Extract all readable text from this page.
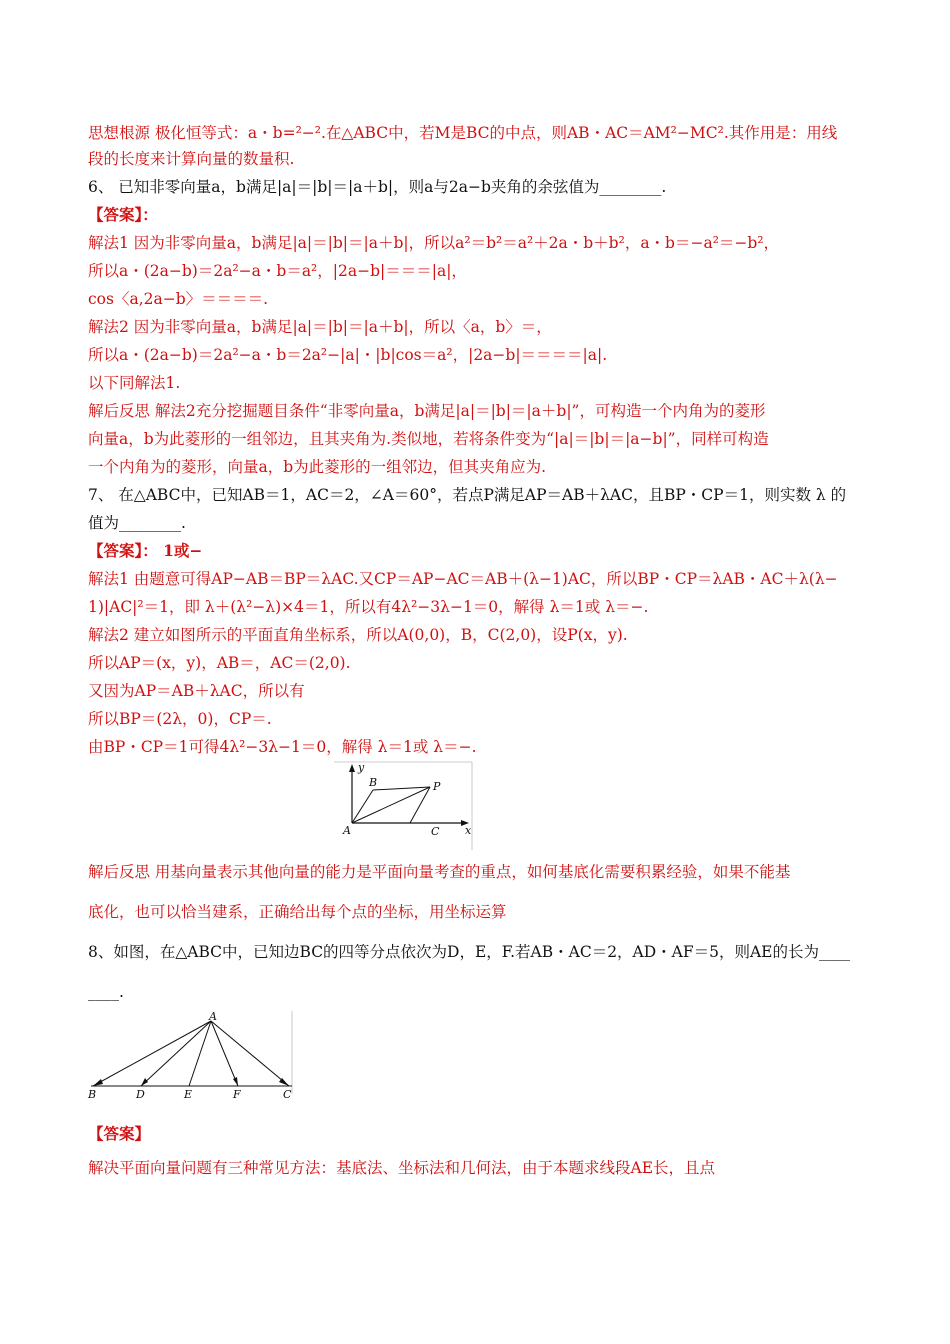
思想根源 极化恒等式：a・b=²−².在△ABC中，若M是BC的中点，则AB・AC＝AM²−MC².其作用是：用线
段的长度来计算向量的数量积.
6、 已知非零向量a，b满足|a|＝|b|＝|a＋b|，则a与2a−b夹角的余弦值为________.
【答案】：
解法1 因为非零向量a，b满足|a|＝|b|＝|a＋b|，所以a²＝b²＝a²＋2a・b＋b²，a・b＝−a²＝−b²，
所以a・(2a−b)＝2a²−a・b＝a²，|2a−b|＝＝＝|a|，
cos〈a,2a−b〉＝＝＝＝.
解法2 因为非零向量a，b满足|a|＝|b|＝|a＋b|，所以〈a，b〉＝，
所以a・(2a−b)＝2a²−a・b＝2a²−|a|・|b|cos＝a²，|2a−b|＝＝＝＝|a|.
以下同解法1.
解后反思 解法2充分挖掘题目条件“非零向量a，b满足|a|＝|b|＝|a＋b|”，可构造一个内角为的菱形
向量a，b为此菱形的一组邻边，且其夹角为.类似地，若将条件变为“|a|＝|b|＝|a−b|”，同样可构造
一个内角为的菱形，向量a，b为此菱形的一组邻边，但其夹角应为.
7、 在△ABC中，已知AB＝1，AC＝2，∠A＝60°，若点P满足AP＝AB＋λAC，且BP・CP＝1，则实数 λ 的
值为________.
【答案】： 1或−
解法1 由题意可得AP−AB＝BP＝λAC.又CP＝AP−AC＝AB＋(λ−1)AC，所以BP・CP＝λAB・AC＋λ(λ−
1)|AC|²＝1，即 λ＋(λ²−λ)×4＝1，所以有4λ²−3λ−1＝0，解得 λ＝1或 λ＝−.
解法2 建立如图所示的平面直角坐标系，所以A(0,0)，B，C(2,0)，设P(x，y).
所以AP＝(x，y)，AB＝，AC＝(2,0).
又因为AP＝AB＋λAC，所以有
所以BP＝(2λ，0)，CP＝.
由BP・CP＝1可得4λ²−3λ−1＝0，解得 λ＝1或 λ＝−.
y
B	P
A	C x
解后反思 用基向量表示其他向量的能力是平面向量考查的重点，如何基底化需要积累经验，如果不能基
底化，也可以恰当建系，正确给出每个点的坐标，用坐标运算
8、如图，在△ABC中，已知边BC的四等分点依次为D，E，F.若AB・AC＝2，AD・AF＝5，则AE的长为____
____.
A
B	D	E	F	C
【答案】
解决平面向量问题有三种常见方法：基底法、坐标法和几何法，由于本题求线段AE长，且点
